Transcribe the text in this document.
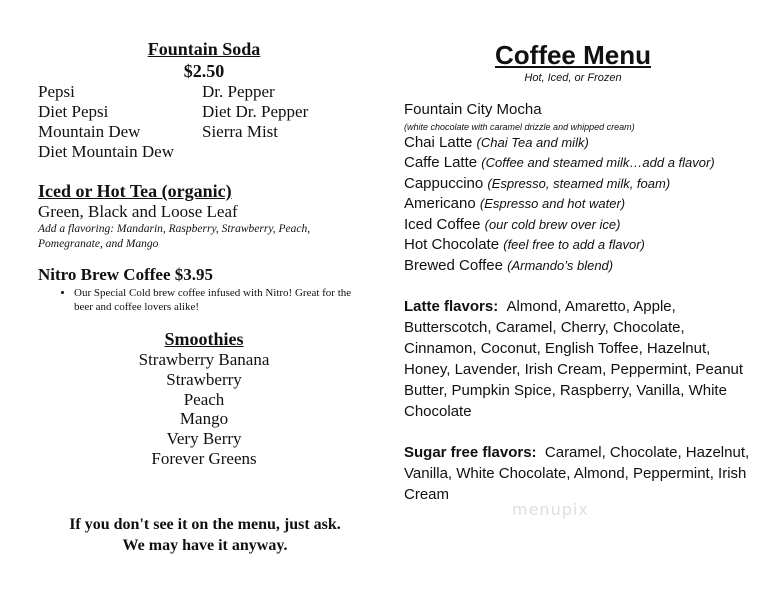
Fountain Soda
$2.50
Pepsi	Dr. Pepper
Diet Pepsi	Diet Dr. Pepper
Mountain Dew	Sierra Mist
Diet Mountain Dew
Iced or Hot Tea (organic)
Green, Black and Loose Leaf
Add a flavoring: Mandarin, Raspberry, Strawberry, Peach, Pomegranate, and Mango
Nitro Brew Coffee $3.95
• Our Special Cold brew coffee infused with Nitro! Great for the beer and coffee lovers alike!
Smoothies
Strawberry Banana
Strawberry
Peach
Mango
Very Berry
Forever Greens
If you don't see it on the menu, just ask.
We may have it anyway.
Coffee Menu
Hot, Iced, or Frozen
Fountain City Mocha
(white chocolate with caramel drizzle and whipped cream)
Chai Latte (Chai Tea and milk)
Caffe Latte (Coffee and steamed milk…add a flavor)
Cappuccino (Espresso, steamed milk, foam)
Americano (Espresso and hot water)
Iced Coffee (our cold brew over ice)
Hot Chocolate (feel free to add a flavor)
Brewed Coffee (Armando’s blend)
Latte flavors: Almond, Amaretto, Apple, Butterscotch, Caramel, Cherry, Chocolate, Cinnamon, Coconut, English Toffee, Hazelnut, Honey, Lavender, Irish Cream, Peppermint, Peanut Butter, Pumpkin Spice, Raspberry, Vanilla, White Chocolate
Sugar free flavors: Caramel, Chocolate, Hazelnut, Vanilla, White Chocolate, Almond, Peppermint, Irish Cream
menupix
